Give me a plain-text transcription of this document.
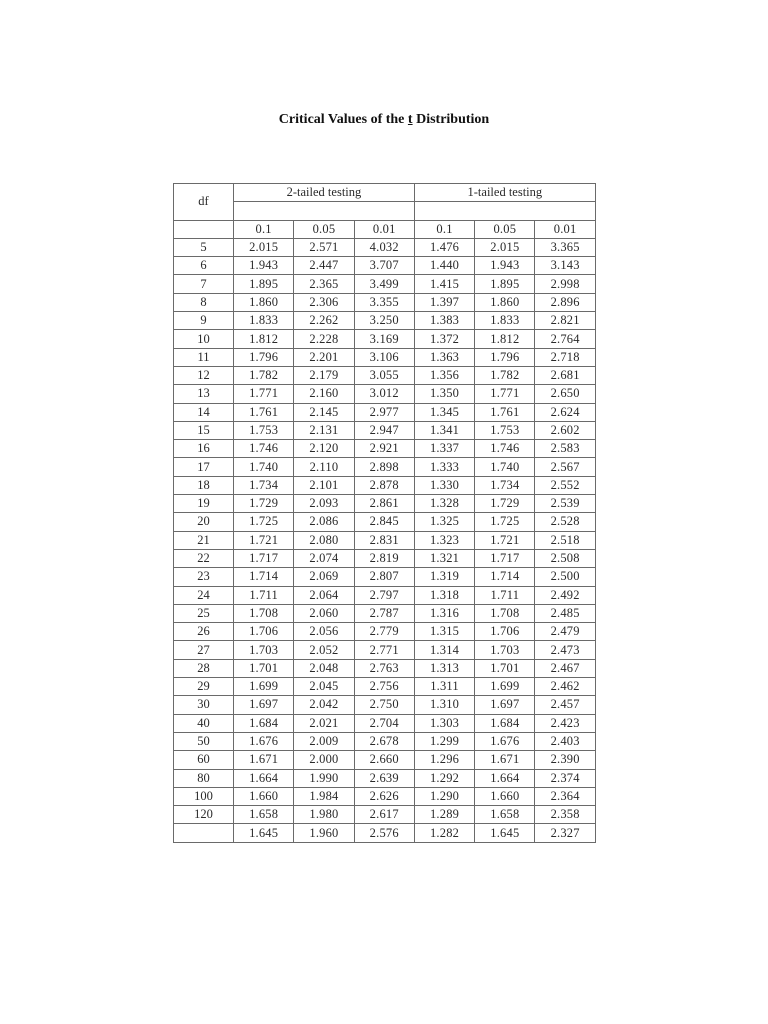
Critical Values of the t Distribution
df	2-tailed testing			1-tailed testing		

	0.1	0.05	0.01	0.1	0.05	0.01
5	2.015	2.571	4.032	1.476	2.015	3.365
6	1.943	2.447	3.707	1.440	1.943	3.143
7	1.895	2.365	3.499	1.415	1.895	2.998
8	1.860	2.306	3.355	1.397	1.860	2.896
9	1.833	2.262	3.250	1.383	1.833	2.821
10	1.812	2.228	3.169	1.372	1.812	2.764
11	1.796	2.201	3.106	1.363	1.796	2.718
12	1.782	2.179	3.055	1.356	1.782	2.681
13	1.771	2.160	3.012	1.350	1.771	2.650
14	1.761	2.145	2.977	1.345	1.761	2.624
15	1.753	2.131	2.947	1.341	1.753	2.602
16	1.746	2.120	2.921	1.337	1.746	2.583
17	1.740	2.110	2.898	1.333	1.740	2.567
18	1.734	2.101	2.878	1.330	1.734	2.552
19	1.729	2.093	2.861	1.328	1.729	2.539
20	1.725	2.086	2.845	1.325	1.725	2.528
21	1.721	2.080	2.831	1.323	1.721	2.518
22	1.717	2.074	2.819	1.321	1.717	2.508
23	1.714	2.069	2.807	1.319	1.714	2.500
24	1.711	2.064	2.797	1.318	1.711	2.492
25	1.708	2.060	2.787	1.316	1.708	2.485
26	1.706	2.056	2.779	1.315	1.706	2.479
27	1.703	2.052	2.771	1.314	1.703	2.473
28	1.701	2.048	2.763	1.313	1.701	2.467
29	1.699	2.045	2.756	1.311	1.699	2.462
30	1.697	2.042	2.750	1.310	1.697	2.457
40	1.684	2.021	2.704	1.303	1.684	2.423
50	1.676	2.009	2.678	1.299	1.676	2.403
60	1.671	2.000	2.660	1.296	1.671	2.390
80	1.664	1.990	2.639	1.292	1.664	2.374
100	1.660	1.984	2.626	1.290	1.660	2.364
120	1.658	1.980	2.617	1.289	1.658	2.358
	1.645	1.960	2.576	1.282	1.645	2.327
